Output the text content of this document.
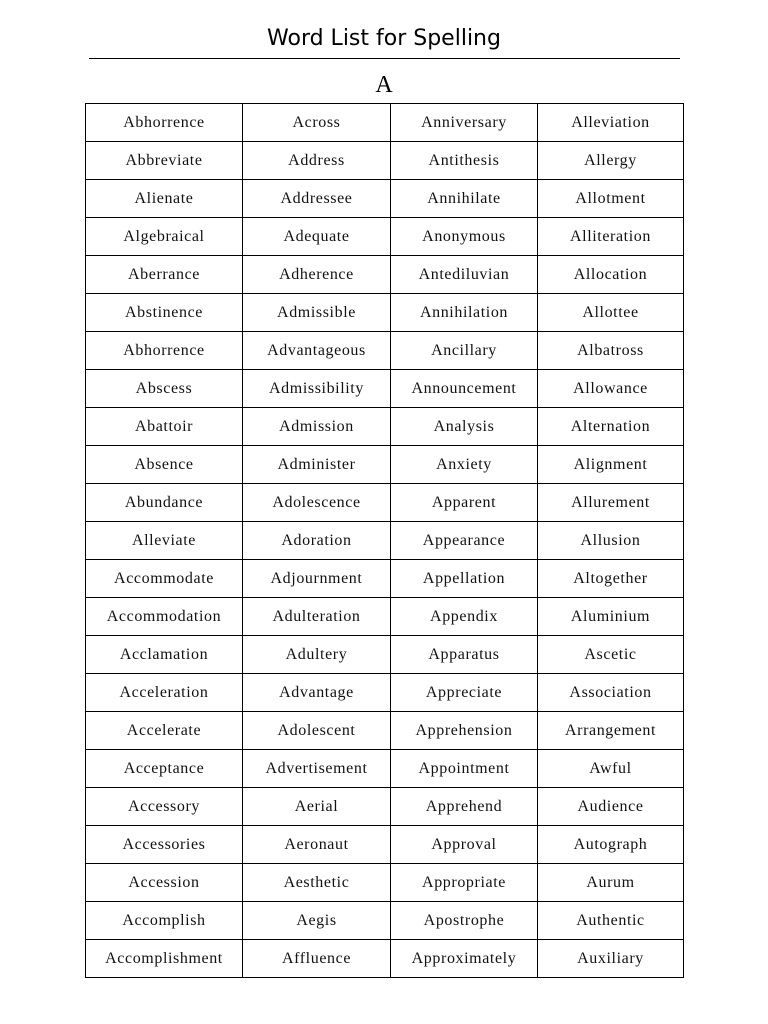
Word List for Spelling
A
Abhorrence	Across	Anniversary	Alleviation
Abbreviate	Address	Antithesis	Allergy
Alienate	Addressee	Annihilate	Allotment
Algebraical	Adequate	Anonymous	Alliteration
Aberrance	Adherence	Antediluvian	Allocation
Abstinence	Admissible	Annihilation	Allottee
Abhorrence	Advantageous	Ancillary	Albatross
Abscess	Admissibility	Announcement	Allowance
Abattoir	Admission	Analysis	Alternation
Absence	Administer	Anxiety	Alignment
Abundance	Adolescence	Apparent	Allurement
Alleviate	Adoration	Appearance	Allusion
Accommodate	Adjournment	Appellation	Altogether
Accommodation	Adulteration	Appendix	Aluminium
Acclamation	Adultery	Apparatus	Ascetic
Acceleration	Advantage	Appreciate	Association
Accelerate	Adolescent	Apprehension	Arrangement
Acceptance	Advertisement	Appointment	Awful
Accessory	Aerial	Apprehend	Audience
Accessories	Aeronaut	Approval	Autograph
Accession	Aesthetic	Appropriate	Aurum
Accomplish	Aegis	Apostrophe	Authentic
Accomplishment	Affluence	Approximately	Auxiliary
